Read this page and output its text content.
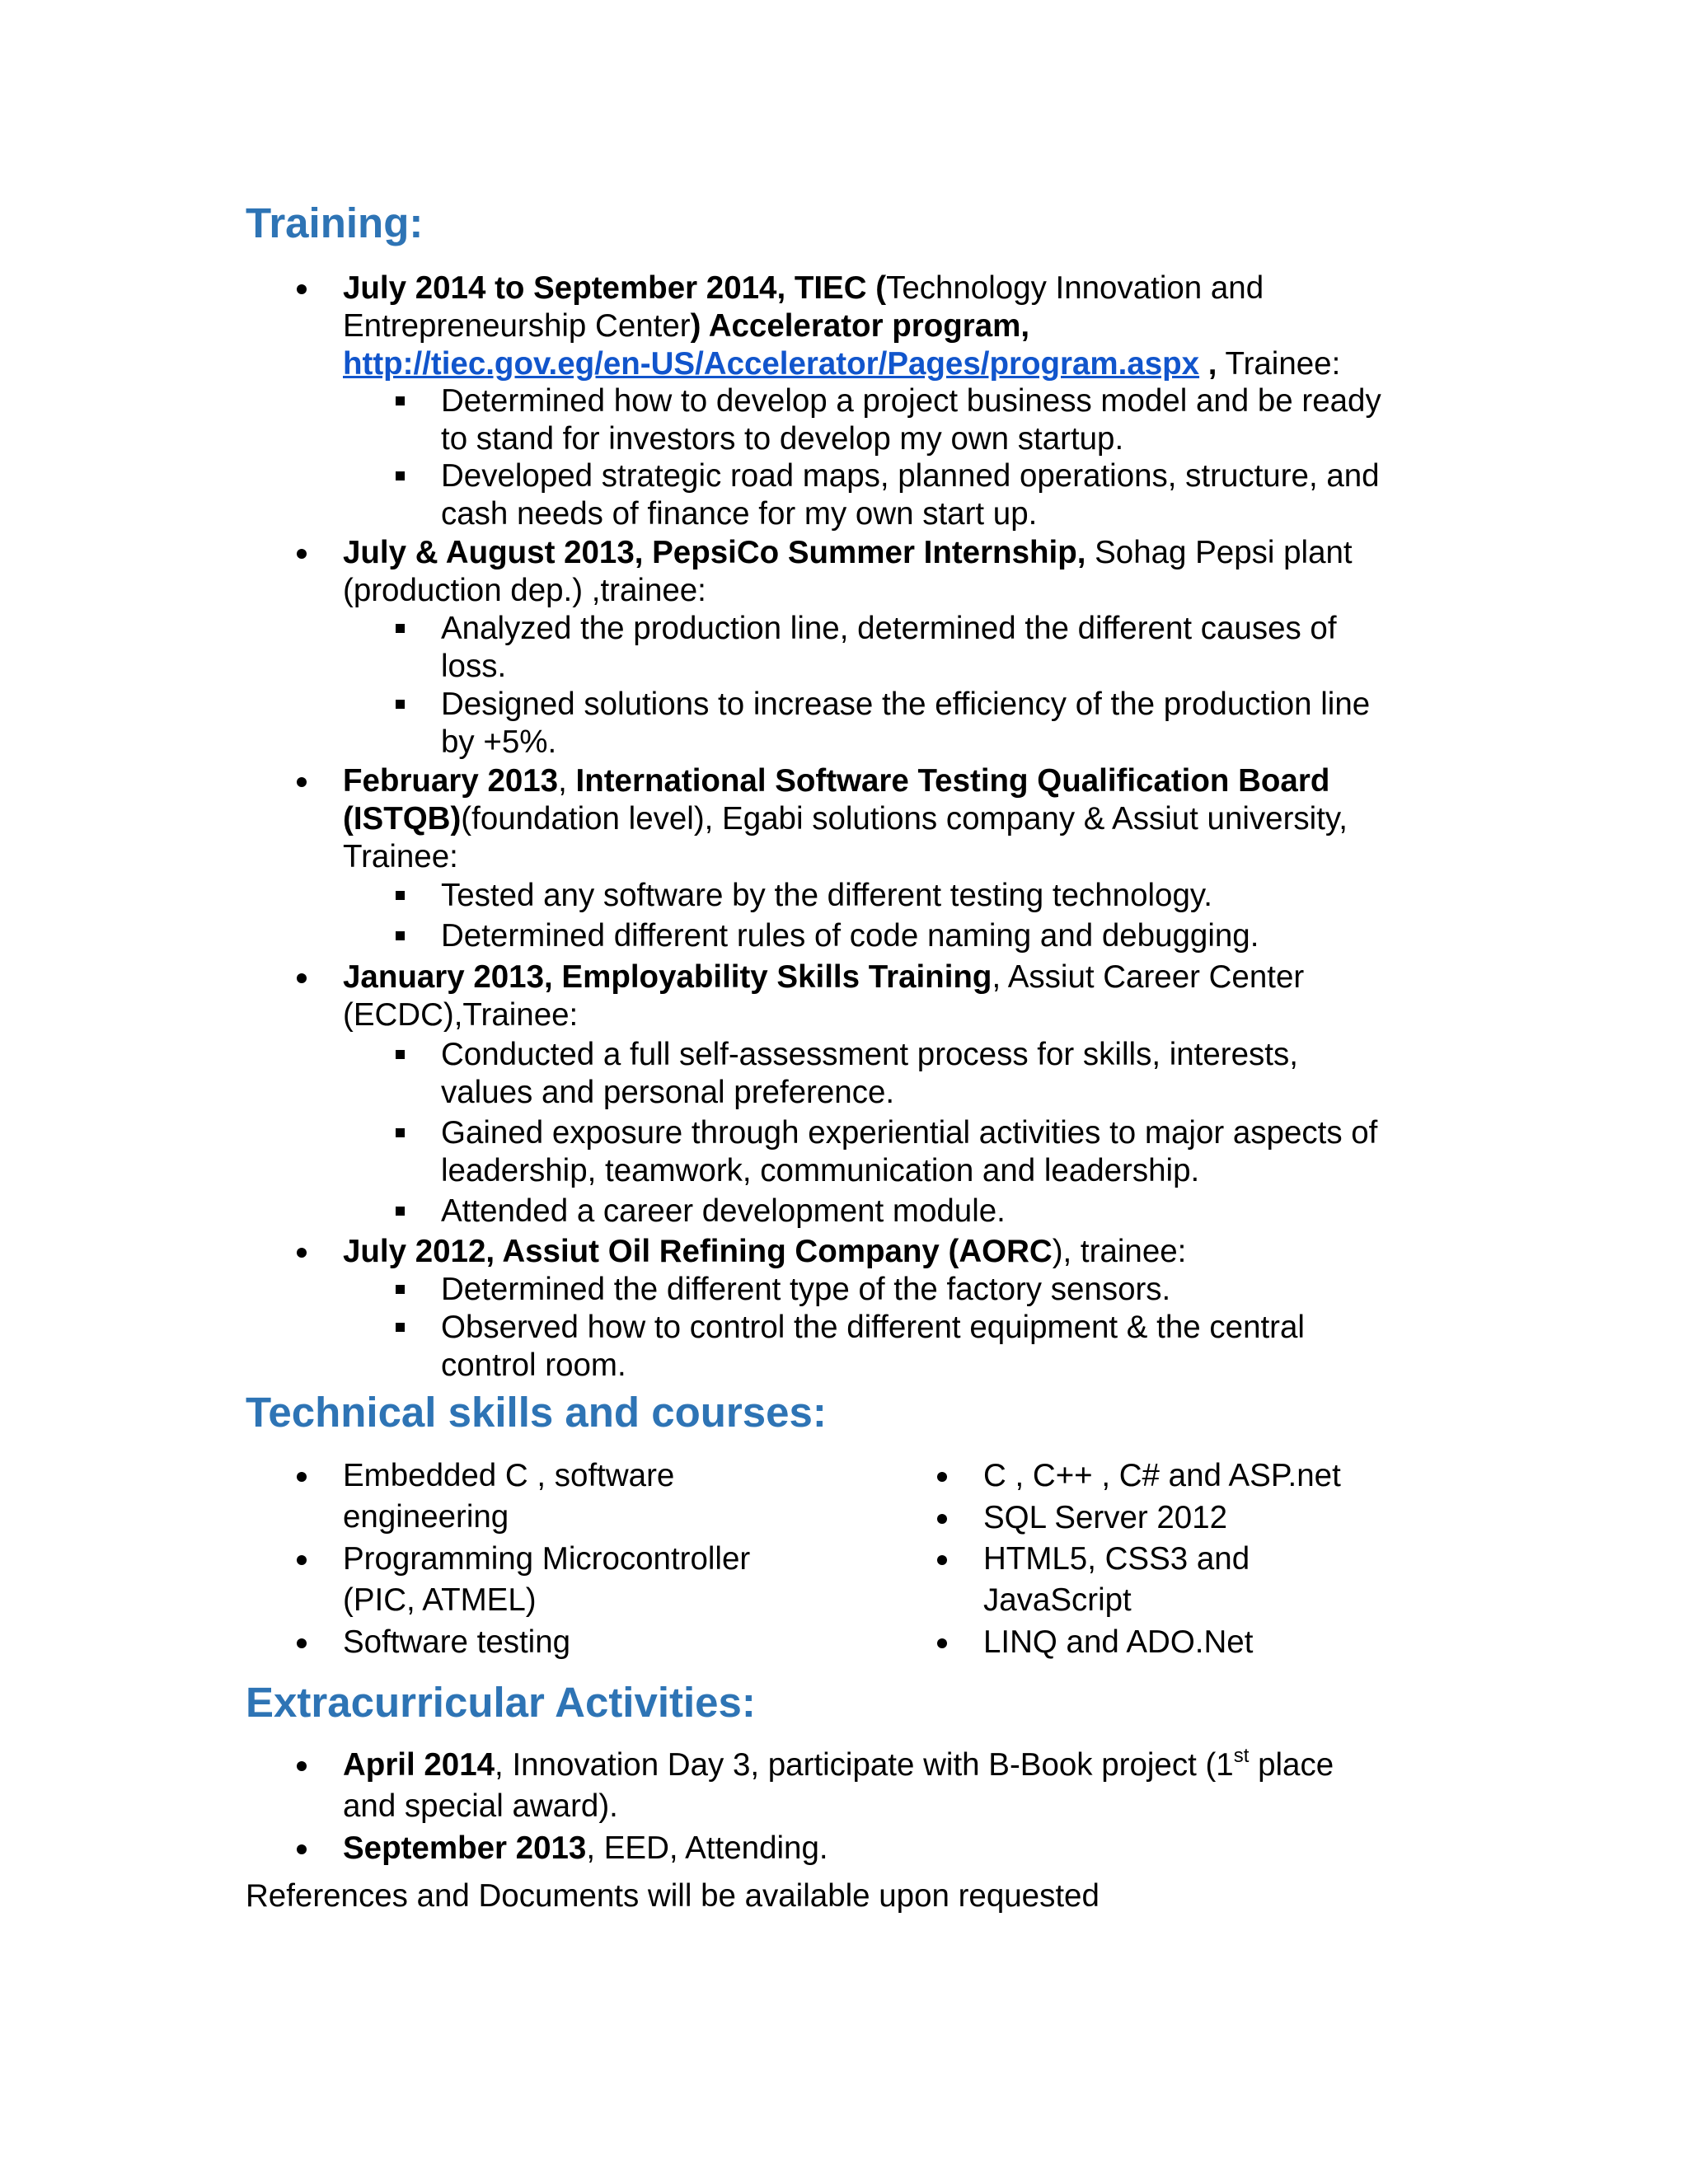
Training:
July 2014 to September 2014, TIEC (Technology Innovation and
Entrepreneurship Center) Accelerator program,
http://tiec.gov.eg/en-US/Accelerator/Pages/program.aspx , Trainee:
Determined how to develop a project business model and be ready
to stand for investors to develop my own startup.
Developed strategic road maps, planned operations, structure, and
cash needs of finance for my own start up.
July & August 2013, PepsiCo Summer Internship, Sohag Pepsi plant
(production dep.) ,trainee:
Analyzed the production line, determined the different causes of
loss.
Designed solutions to increase the efficiency of the production line
by +5%.
February 2013, International Software Testing Qualification Board
(ISTQB)(foundation level), Egabi solutions company & Assiut university,
Trainee:
Tested any software by the different testing technology.
Determined different rules of code naming and debugging.
January 2013, Employability Skills Training, Assiut Career Center
(ECDC),Trainee:
Conducted a full self-assessment process for skills, interests,
values and personal preference.
Gained exposure through experiential activities to major aspects of
leadership, teamwork, communication and leadership.
Attended a career development module.
July 2012, Assiut Oil Refining Company (AORC), trainee:
Determined the different type of the factory sensors.
Observed how to control the different equipment & the central
control room.
Technical skills and courses:
Embedded C , software
engineering
Programming Microcontroller
(PIC, ATMEL)
Software testing
C , C++ , C# and ASP.net
SQL Server 2012
HTML5, CSS3 and
JavaScript
LINQ and ADO.Net
Extracurricular Activities:
April 2014, Innovation Day 3, participate with B-Book project (1st place
and special award).
September 2013, EED, Attending.
References and Documents will be available upon requested
